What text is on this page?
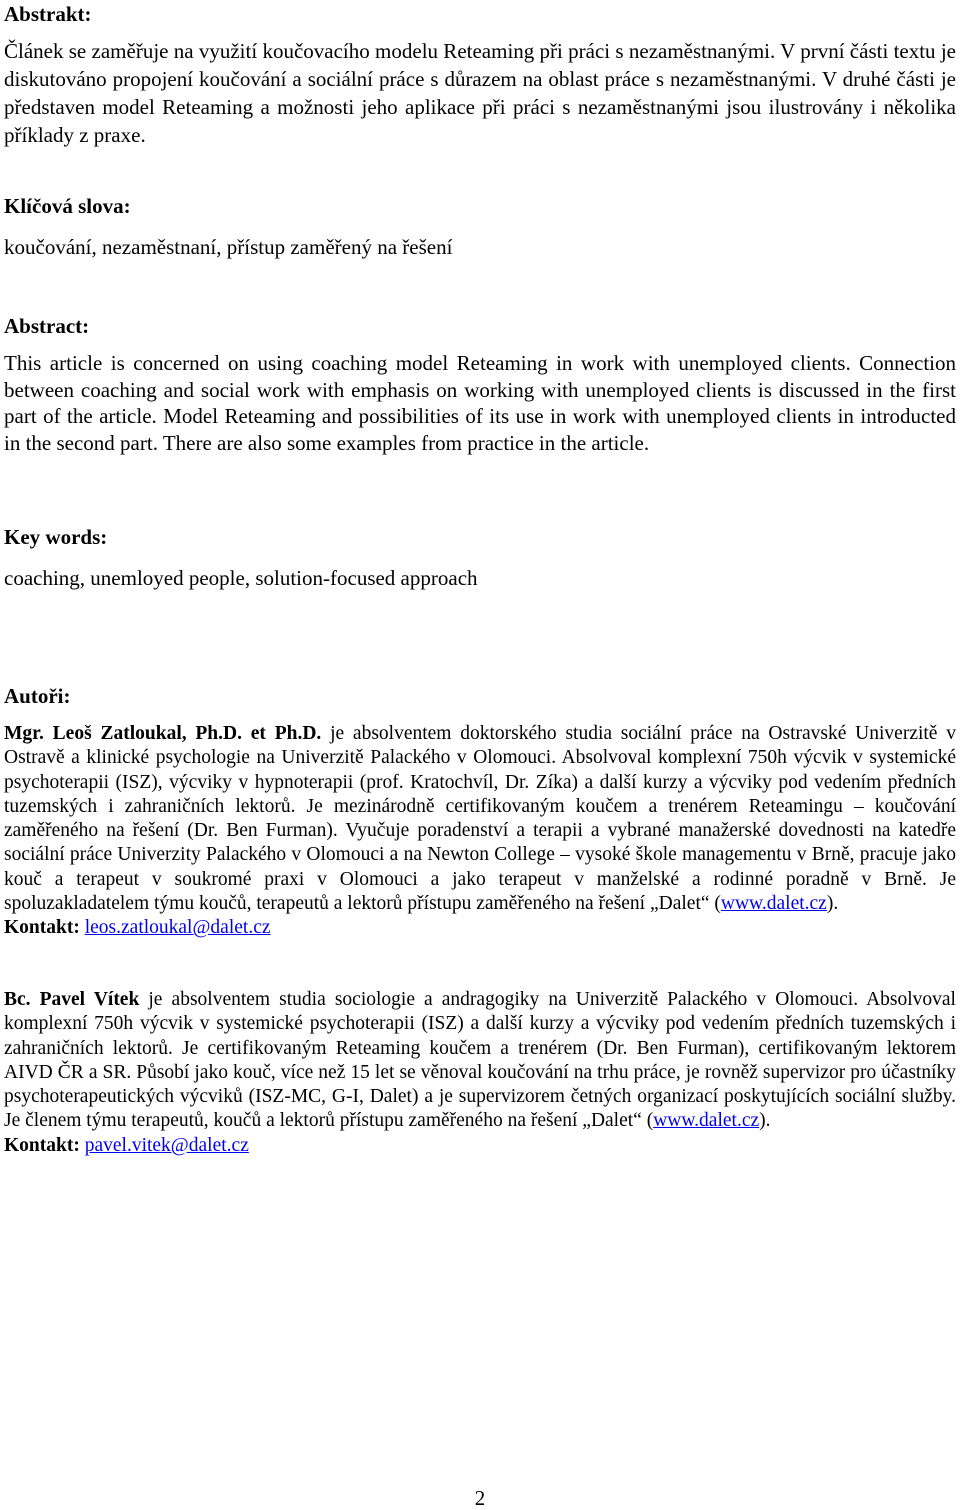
Abstrakt:

Článek se zaměřuje na využití koučovacího modelu Reteaming při práci s nezaměstnanými. V první části textu je diskutováno propojení koučování a sociální práce s důrazem na oblast práce s nezaměstnanými. V druhé části je představen model Reteaming a možnosti jeho aplikace při práci s nezaměstnanými jsou ilustrovány i několika příklady z praxe.

Klíčová slova:

koučování, nezaměstnaní, přístup zaměřený na řešení

Abstract:

This article is concerned on using coaching model Reteaming in work with unemployed clients. Connection between coaching and social work with emphasis on working with unemployed clients is discussed in the first part of the article. Model Reteaming and possibilities of its use in work with unemployed clients in introducted in the second part. There are also some examples from practice in the article.

Key words:

coaching, unemloyed people, solution-focused approach

Autoři:

Mgr. Leoš Zatloukal, Ph.D. et Ph.D. je absolventem doktorského studia sociální práce na Ostravské Univerzitě v Ostravě a klinické psychologie na Univerzitě Palackého v Olomouci. Absolvoval komplexní 750h výcvik v systemické psychoterapii (ISZ), výcviky v hypnoterapii (prof. Kratochvíl, Dr. Zíka) a další kurzy a výcviky pod vedením předních tuzemských i zahraničních lektorů. Je mezinárodně certifikovaným koučem a trenérem Reteamingu – koučování zaměřeného na řešení (Dr. Ben Furman). Vyučuje poradenství a terapii a vybrané manažerské dovednosti na katedře sociální práce Univerzity Palackého v Olomouci a na Newton College – vysoké škole managementu v Brně, pracuje jako kouč a terapeut v soukromé praxi v Olomouci a jako terapeut v manželské a rodinné poradně v Brně. Je spoluzakladatelem týmu koučů, terapeutů a lektorů přístupu zaměřeného na řešení „Dalet“ (www.dalet.cz).

Kontakt: leos.zatloukal@dalet.cz

Bc. Pavel Vítek je absolventem studia sociologie a andragogiky na Univerzitě Palackého v Olomouci. Absolvoval komplexní 750h výcvik v systemické psychoterapii (ISZ) a další kurzy a výcviky pod vedením předních tuzemských i zahraničních lektorů. Je certifikovaným Reteaming koučem a trenérem (Dr. Ben Furman), certifikovaným lektorem AIVD ČR a SR. Působí jako kouč, více než 15 let se věnoval koučování na trhu práce, je rovněž supervizor pro účastníky psychoterapeutických výcviků (ISZ-MC, G-I, Dalet) a je supervizorem četných organizací poskytujících sociální služby. Je členem týmu terapeutů, koučů a lektorů přístupu zaměřeného na řešení „Dalet“ (www.dalet.cz).

Kontakt: pavel.vitek@dalet.cz

2
